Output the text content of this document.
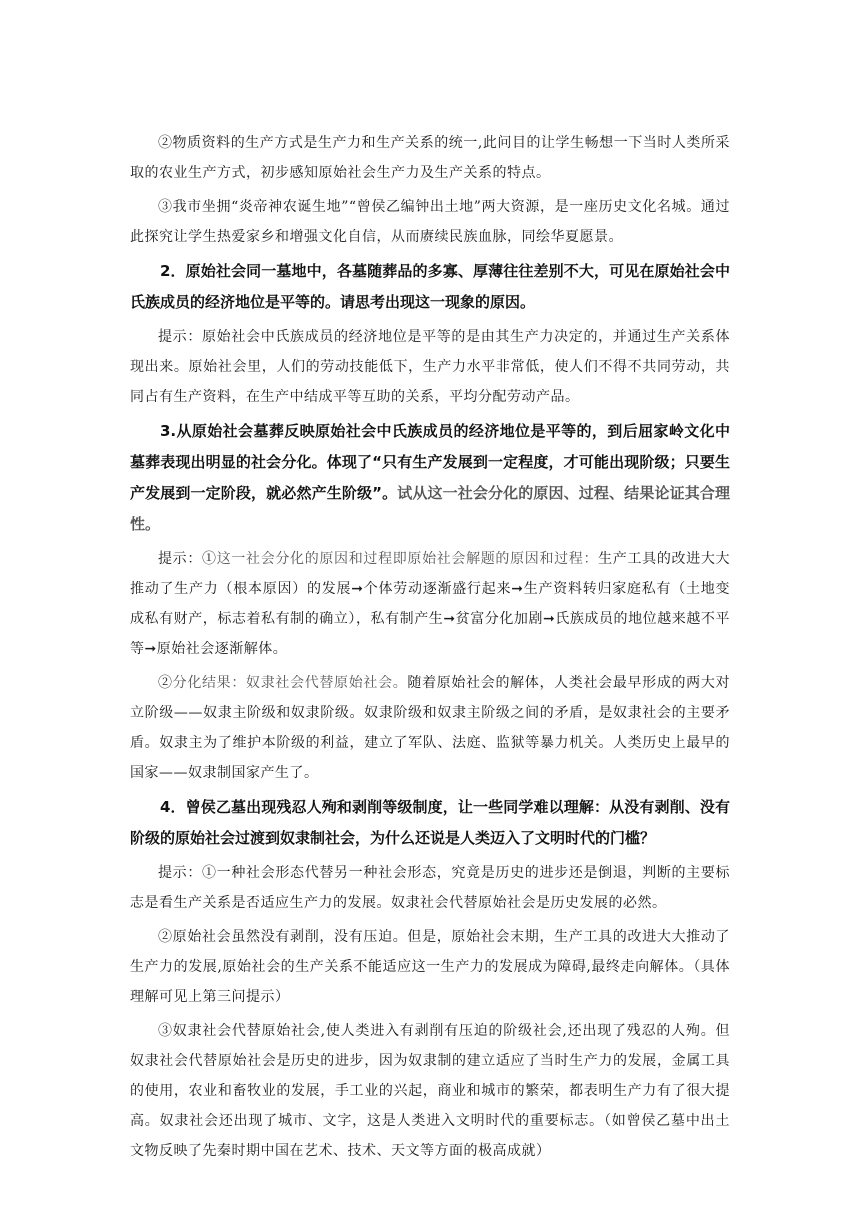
②物质资料的生产方式是生产力和生产关系的统一,此问目的让学生畅想一下当时人类所采取的农业生产方式，初步感知原始社会生产力及生产关系的特点。

③我市坐拥“炎帝神农诞生地”“曾侯乙编钟出土地”两大资源，是一座历史文化名城。通过此探究让学生热爱家乡和增强文化自信，从而赓续民族血脉，同绘华夏愿景。

2．原始社会同一墓地中，各墓随葬品的多寡、厚薄往往差别不大，可见在原始社会中氏族成员的经济地位是平等的。请思考出现这一现象的原因。

提示：原始社会中氏族成员的经济地位是平等的是由其生产力决定的，并通过生产关系体现出来。原始社会里，人们的劳动技能低下，生产力水平非常低，使人们不得不共同劳动，共同占有生产资料，在生产中结成平等互助的关系，平均分配劳动产品。

3.从原始社会墓葬反映原始社会中氏族成员的经济地位是平等的，到后屈家岭文化中墓葬表现出明显的社会分化。体现了“只有生产发展到一定程度，才可能出现阶级；只要生产发展到一定阶段，就必然产生阶级”。试从这一社会分化的原因、过程、结果论证其合理性。

提示：①这一社会分化的原因和过程即原始社会解题的原因和过程：生产工具的改进大大推动了生产力（根本原因）的发展➞个体劳动逐渐盛行起来➞生产资料转归家庭私有（土地变成私有财产，标志着私有制的确立），私有制产生➞贫富分化加剧➞氏族成员的地位越来越不平等➞原始社会逐渐解体。

②分化结果：奴隶社会代替原始社会。随着原始社会的解体，人类社会最早形成的两大对立阶级——奴隶主阶级和奴隶阶级。奴隶阶级和奴隶主阶级之间的矛盾，是奴隶社会的主要矛盾。奴隶主为了维护本阶级的利益，建立了军队、法庭、监狱等暴力机关。人类历史上最早的国家——奴隶制国家产生了。

4．曾侯乙墓出现残忍人殉和剥削等级制度，让一些同学难以理解：从没有剥削、没有阶级的原始社会过渡到奴隶制社会，为什么还说是人类迈入了文明时代的门槛？

提示：①一种社会形态代替另一种社会形态，究竟是历史的进步还是倒退，判断的主要标志是看生产关系是否适应生产力的发展。奴隶社会代替原始社会是历史发展的必然。

②原始社会虽然没有剥削，没有压迫。但是，原始社会末期，生产工具的改进大大推动了生产力的发展,原始社会的生产关系不能适应这一生产力的发展成为障碍,最终走向解体。（具体理解可见上第三问提示）

③奴隶社会代替原始社会,使人类进入有剥削有压迫的阶级社会,还出现了残忍的人殉。但奴隶社会代替原始社会是历史的进步，因为奴隶制的建立适应了当时生产力的发展，金属工具的使用，农业和畜牧业的发展，手工业的兴起，商业和城市的繁荣，都表明生产力有了很大提高。奴隶社会还出现了城市、文字，这是人类进入文明时代的重要标志。（如曾侯乙墓中出土文物反映了先秦时期中国在艺术、技术、天文等方面的极高成就）
